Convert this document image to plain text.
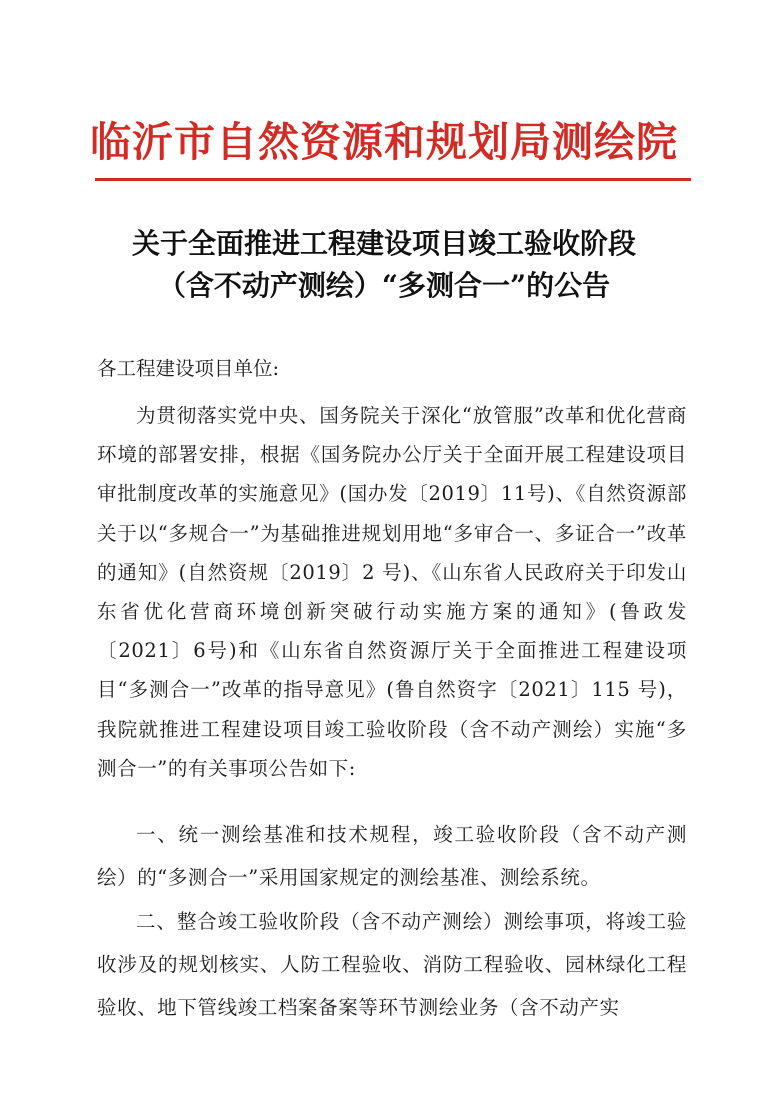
临沂市自然资源和规划局测绘院
关于全面推进工程建设项目竣工验收阶段
（含不动产测绘）“多测合一”的公告
各工程建设项目单位:

为贯彻落实党中央、国务院关于深化“放管服”改革和优化营商环境的部署安排，根据《国务院办公厅关于全面开展工程建设项目审批制度改革的实施意见》(国办发〔2019〕11号)、《自然资源部关于以“多规合一”为基础推进规划用地“多审合一、多证合一”改革的通知》(自然资规〔2019〕2 号)、《山东省人民政府关于印发山东省优化营商环境创新突破行动实施方案的通知》(鲁政发〔2021〕6号)和《山东省自然资源厅关于全面推进工程建设项目“多测合一”改革的指导意见》(鲁自然资字〔2021〕115 号)，我院就推进工程建设项目竣工验收阶段（含不动产测绘）实施“多测合一”的有关事项公告如下:

一、统一测绘基准和技术规程，竣工验收阶段（含不动产测绘）的“多测合一”采用国家规定的测绘基准、测绘系统。

二、整合竣工验收阶段（含不动产测绘）测绘事项，将竣工验收涉及的规划核实、人防工程验收、消防工程验收、园林绿化工程验收、地下管线竣工档案备案等环节测绘业务（含不动产实
